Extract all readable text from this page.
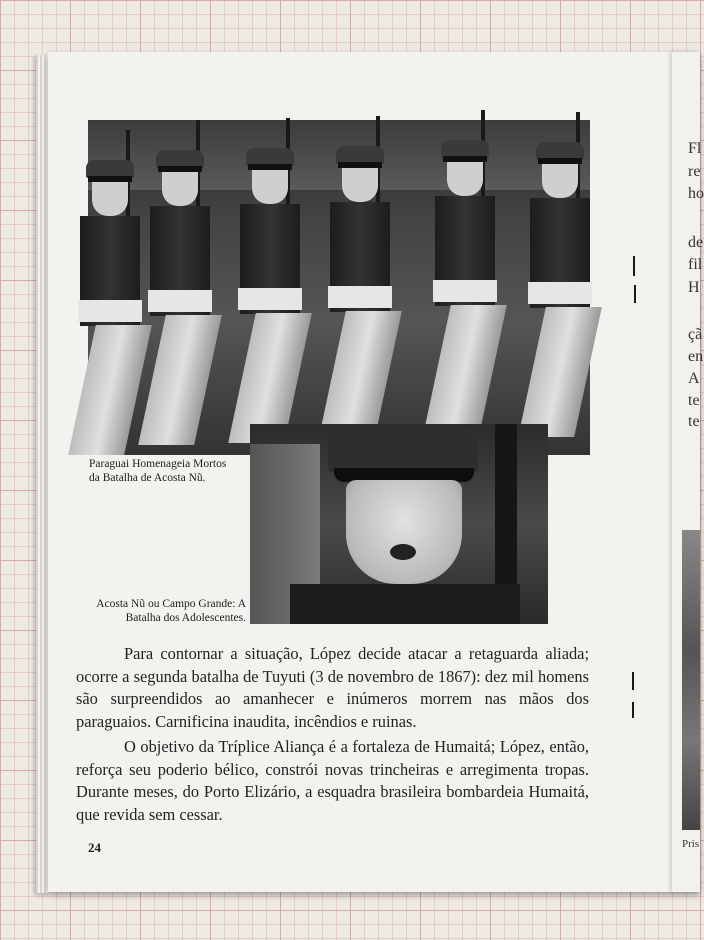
Paraguai Homenageia Mortos da Batalha de Acosta Nũ.

Acosta Nũ ou Campo Grande: A Batalha dos Adolescentes.

Para contornar a situação, López decide atacar a retaguarda aliada; ocorre a segunda batalha de Tuyuti (3 de novembro de 1867): dez mil homens são surpreendidos ao amanhecer e inúmeros morrem nas mãos dos paraguaios. Carnificina inaudita, incêndios e ruinas.

O objetivo da Tríplice Aliança é a fortaleza de Humaitá; López, então, reforça seu poderio bélico, constrói novas trincheiras e arregimenta tropas. Durante meses, do Porto Elizário, a esquadra brasileira bombardeia Humaitá, que revida sem cessar.

24
Fl
re
ho
de
fil
H
çã
en
A
te
te
Pris
